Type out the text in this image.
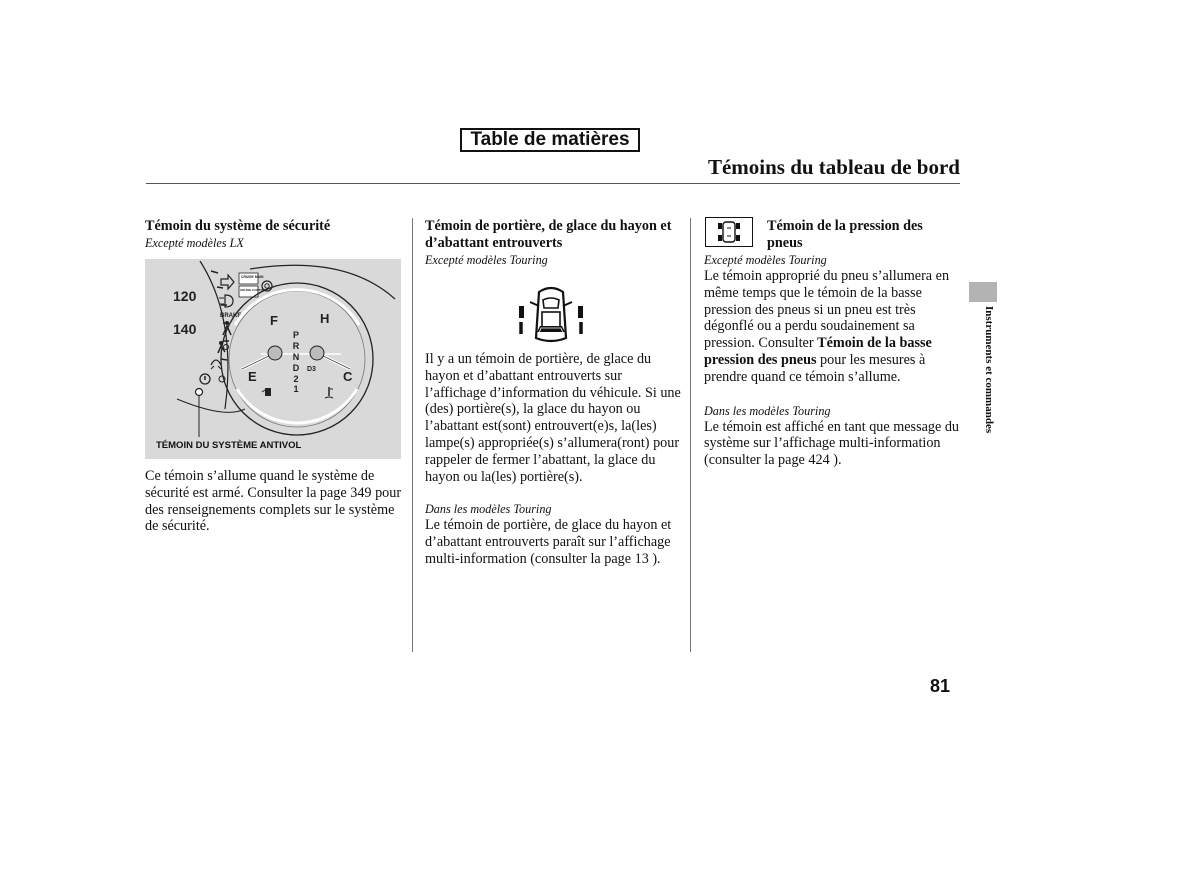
Table de matières
Témoins du tableau de bord

Témoin du système de sécurité

Excepté modèles LX

120
140
CRUISE MAIN
CRUISE CONTROL
BRAKE F	H
E	C
P
R
N
D D3
2
1
TÉMOIN DU SYSTÈME ANTIVOL

Ce témoin s’allume quand le système de sécurité est armé. Consulter la page 349 pour des renseignements complets sur le système de sécurité.

Témoin de portière, de glace du hayon et d’abattant entrouverts

Excepté modèles Touring

Il y a un témoin de portière, de glace du hayon et d’abattant entrouverts sur l’affichage d’information du véhicule. Si une (des) portière(s), la glace du hayon ou l’abattant est(sont) entrouvert(e)s, la(les) lampe(s) appropriée(s) s’allumera(ront) pour rappeler de fermer l’abattant, la glace du hayon ou la(les) portière(s).

Dans les modèles Touring

Le témoin de portière, de glace du hayon et d’abattant entrouverts paraît sur l’affichage multi-information (consulter la page 13 ).

Témoin de la pression des pneus

Excepté modèles Touring

Le témoin approprié du pneu s’allumera en même temps que le témoin de la basse pression des pneus si un pneu est très dégonflé ou a perdu soudainement sa pression. Consulter Témoin de la basse pression des pneus pour les mesures à prendre quand ce témoin s’allume.

Dans les modèles Touring

Le témoin est affiché en tant que message du système sur l’affichage multi-information (consulter la page 424 ).

Instruments et commandes
81
